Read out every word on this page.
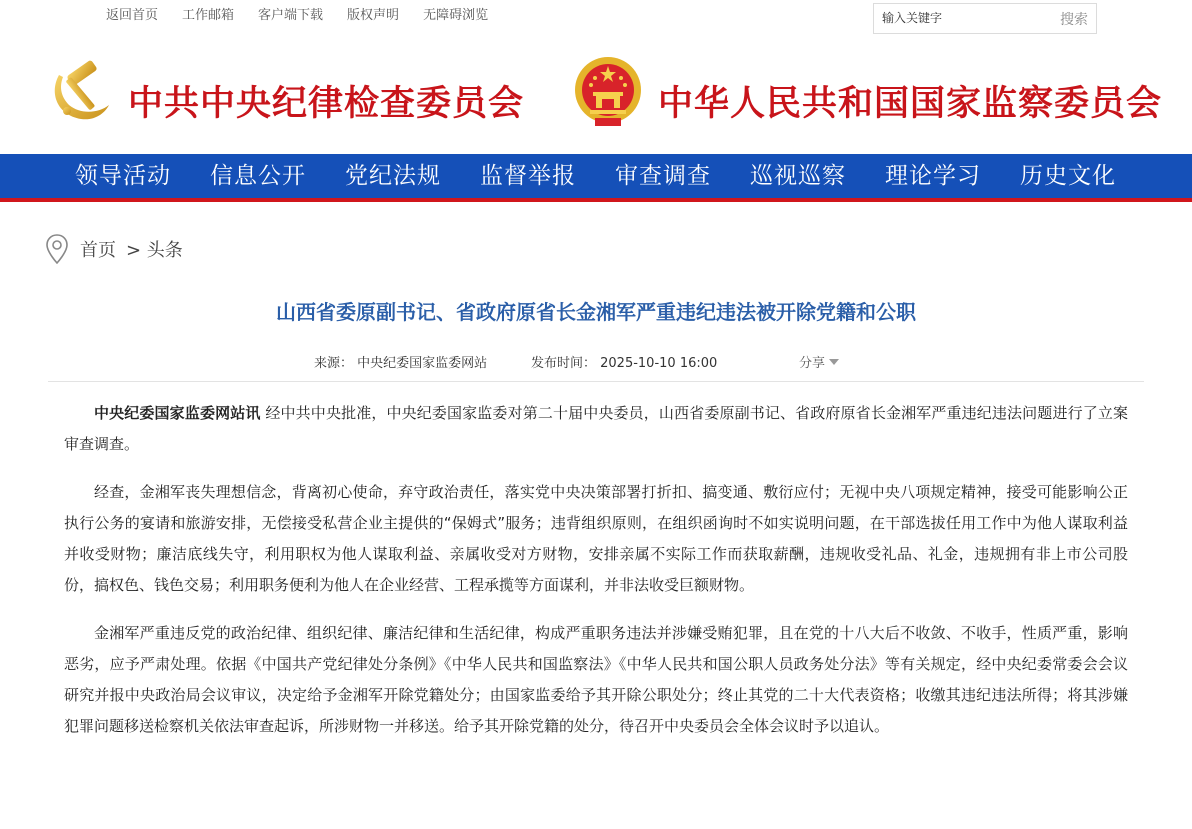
返回首页 工作邮箱 客户端下载 版权声明 无障碍浏览
输入关键字	搜索
中共中央纪律检查委员会	中华人民共和国国家监察委员会
领导活动	信息公开	党纪法规	监督举报	审查调查	巡视巡察	理论学习	历史文化
首页 > 头条
山西省委原副书记、省政府原省长金湘军严重违纪违法被开除党籍和公职
来源： 中央纪委国家监委网站	发布时间： 2025-10-10 16:00	分享

中央纪委国家监委网站讯 经中共中央批准，中央纪委国家监委对第二十届中央委员，山西省委原副书记、省政府原省长金湘军严重违纪违法问题进行了立案审查调查。

经查，金湘军丧失理想信念，背离初心使命，弃守政治责任，落实党中央决策部署打折扣、搞变通、敷衍应付；无视中央八项规定精神，接受可能影响公正执行公务的宴请和旅游安排，无偿接受私营企业主提供的“保姆式”服务；违背组织原则，在组织函询时不如实说明问题，在干部选拔任用工作中为他人谋取利益并收受财物；廉洁底线失守，利用职权为他人谋取利益、亲属收受对方财物，安排亲属不实际工作而获取薪酬，违规收受礼品、礼金，违规拥有非上市公司股份，搞权色、钱色交易；利用职务便利为他人在企业经营、工程承揽等方面谋利，并非法收受巨额财物。

金湘军严重违反党的政治纪律、组织纪律、廉洁纪律和生活纪律，构成严重职务违法并涉嫌受贿犯罪，且在党的十八大后不收敛、不收手，性质严重，影响恶劣，应予严肃处理。依据《中国共产党纪律处分条例》《中华人民共和国监察法》《中华人民共和国公职人员政务处分法》等有关规定，经中央纪委常委会会议研究并报中央政治局会议审议，决定给予金湘军开除党籍处分；由国家监委给予其开除公职处分；终止其党的二十大代表资格；收缴其违纪违法所得；将其涉嫌犯罪问题移送检察机关依法审查起诉，所涉财物一并移送。给予其开除党籍的处分，待召开中央委员会全体会议时予以追认。
